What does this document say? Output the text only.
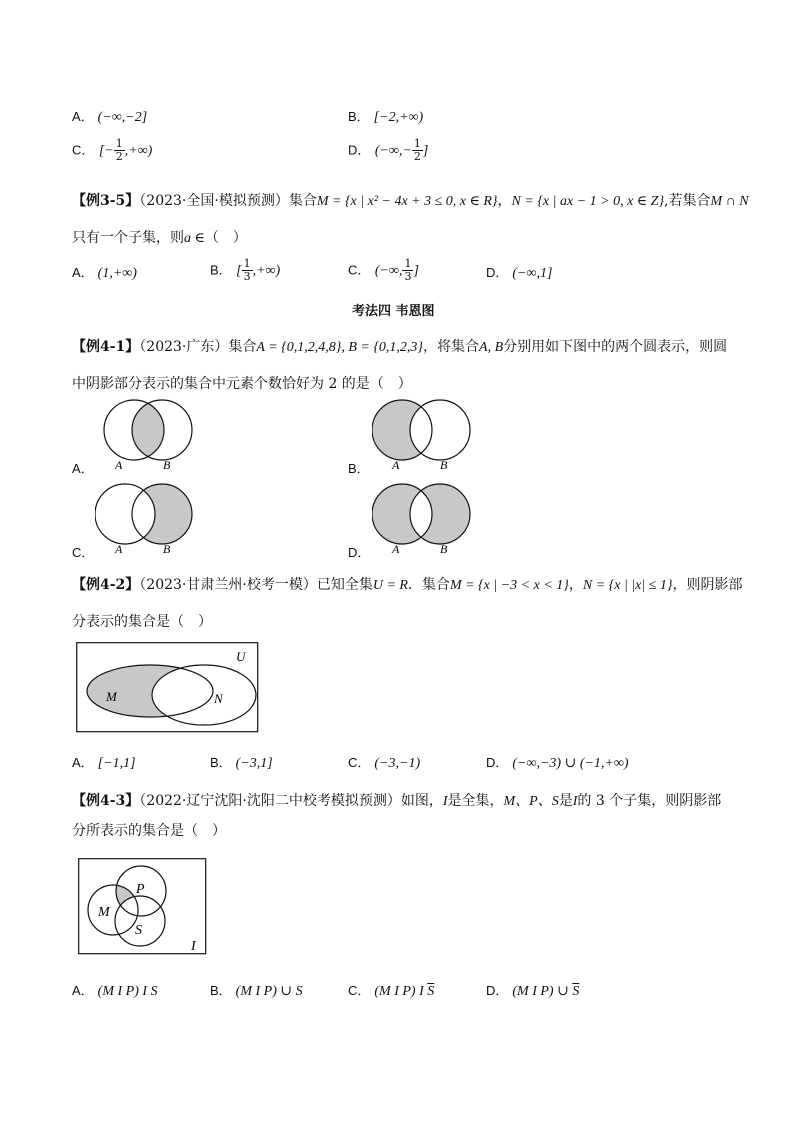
A． (−∞,−2]	B． [−2,+∞)
C． [− $\frac{1}{2}$ ,+∞)	D． (−∞,− $\frac{1}{2}$ ]
【例3-5】（2023·全国·模拟预测）集合M = {x | x² − 4x + 3 ≤ 0, x ∈ R}，N = {x | ax − 1 > 0, x ∈ Z},若集合M ∩ N
只有一个子集，则a ∈（　）
A． (1,+∞)	B． [ $\frac{1}{3}$ ,+∞)	C． (−∞, $\frac{1}{3}$ ]	D． (−∞,1]
考法四 韦恩图
【例4-1】（2023·广东）集合A = {0,1,2,4,8}, B = {0,1,2,3}，将集合A, B分别用如下图中的两个圆表示，则圆
中阴影部分表示的集合中元素个数恰好为 2 的是（　）
A． A	B	B． A	B
C． A	B	D． A	B
【例4-2】（2023·甘肃兰州·校考一模）已知全集U = R．集合M = {x | −3 < x < 1}，N = {x | |x| ≤ 1}，则阴影部
分表示的集合是（　）
U
M	N
A． [−1,1]	B． (−3,1]	C． (−3,−1)	D． (−∞,−3) ∪ (−1,+∞)
【例4-3】（2022·辽宁沈阳·沈阳二中校考模拟预测）如图，I是全集，M、P、S是I的 3 个子集，则阴影部
分所表示的集合是（　）
M
P
S
I
A． (M I P) I S	B． (M I P) ∪ S	C． (M I P) I $\overline{S}$	D． (M I P) ∪ $\overline{S}$
